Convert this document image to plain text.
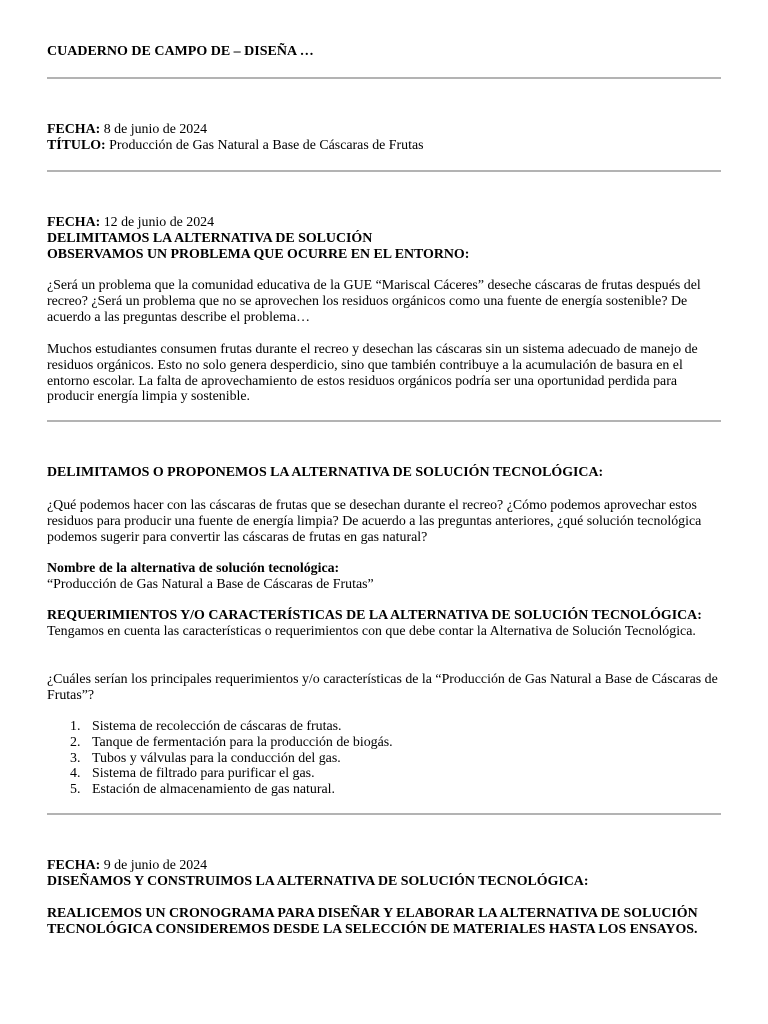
CUADERNO DE CAMPO DE – DISEÑA …

FECHA: 8 de junio de 2024

TÍTULO: Producción de Gas Natural a Base de Cáscaras de Frutas

FECHA: 12 de junio de 2024

DELIMITAMOS LA ALTERNATIVA DE SOLUCIÓN

OBSERVAMOS UN PROBLEMA QUE OCURRE EN EL ENTORNO:

¿Será un problema que la comunidad educativa de la GUE “Mariscal Cáceres” deseche cáscaras de frutas después del recreo? ¿Será un problema que no se aprovechen los residuos orgánicos como una fuente de energía sostenible? De acuerdo a las preguntas describe el problema…

Muchos estudiantes consumen frutas durante el recreo y desechan las cáscaras sin un sistema adecuado de manejo de residuos orgánicos. Esto no solo genera desperdicio, sino que también contribuye a la acumulación de basura en el entorno escolar. La falta de aprovechamiento de estos residuos orgánicos podría ser una oportunidad perdida para producir energía limpia y sostenible.

DELIMITAMOS O PROPONEMOS LA ALTERNATIVA DE SOLUCIÓN TECNOLÓGICA:

¿Qué podemos hacer con las cáscaras de frutas que se desechan durante el recreo? ¿Cómo podemos aprovechar estos residuos para producir una fuente de energía limpia? De acuerdo a las preguntas anteriores, ¿qué solución tecnológica podemos sugerir para convertir las cáscaras de frutas en gas natural?

Nombre de la alternativa de solución tecnológica:

“Producción de Gas Natural a Base de Cáscaras de Frutas”

REQUERIMIENTOS Y/O CARACTERÍSTICAS DE LA ALTERNATIVA DE SOLUCIÓN TECNOLÓGICA: Tengamos en cuenta las características o requerimientos con que debe contar la Alternativa de Solución Tecnológica.

¿Cuáles serían los principales requerimientos y/o características de la “Producción de Gas Natural a Base de Cáscaras de Frutas”?

1. Sistema de recolección de cáscaras de frutas.
2. Tanque de fermentación para la producción de biogás.
3. Tubos y válvulas para la conducción del gas.
4. Sistema de filtrado para purificar el gas.
5. Estación de almacenamiento de gas natural.

FECHA: 9 de junio de 2024

DISEÑAMOS Y CONSTRUIMOS LA ALTERNATIVA DE SOLUCIÓN TECNOLÓGICA:

REALICEMOS UN CRONOGRAMA PARA DISEÑAR Y ELABORAR LA ALTERNATIVA DE SOLUCIÓN TECNOLÓGICA CONSIDEREMOS DESDE LA SELECCIÓN DE MATERIALES HASTA LOS ENSAYOS.
